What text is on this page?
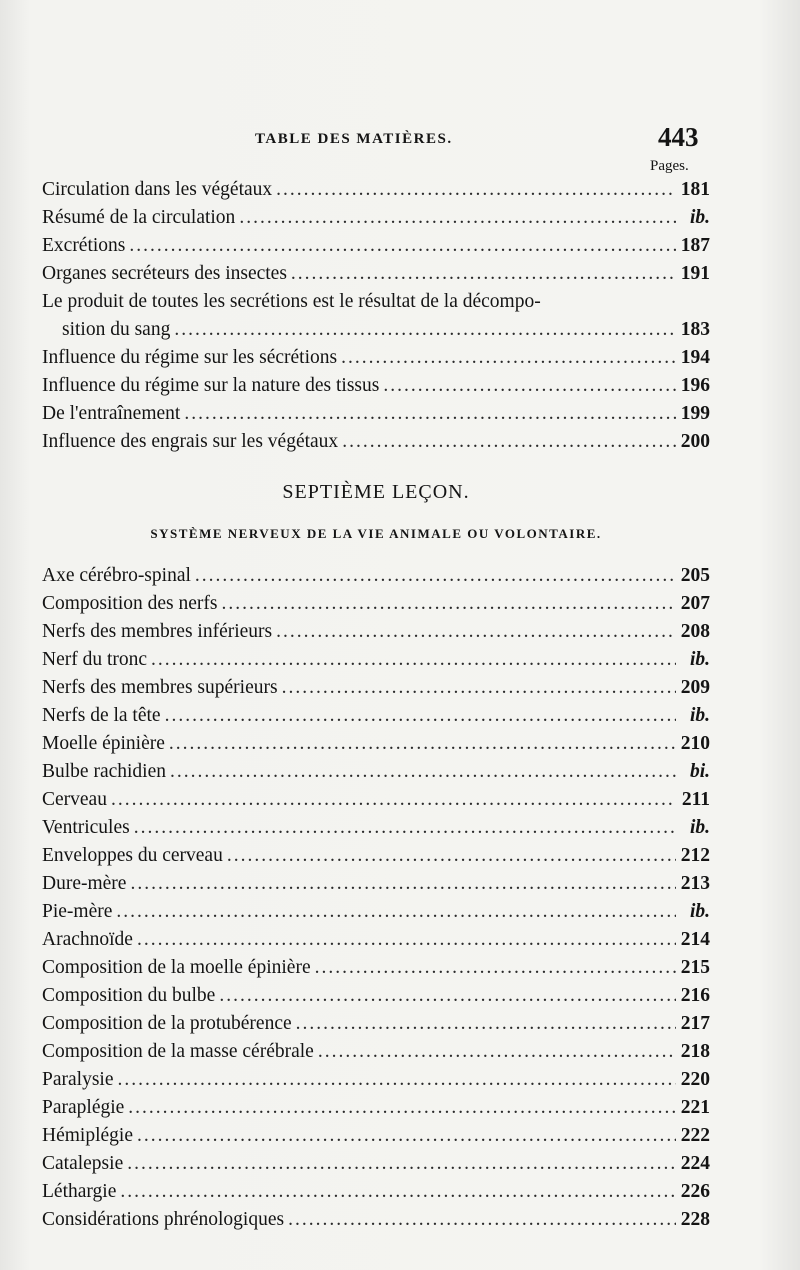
TABLE DES MATIÈRES.	443
Pages.
Circulation dans les végétaux .....	181
Résumé de la circulation .....	ib.
Excrétions .....	187
Organes secréteurs des insectes .....	191
Le produit de toutes les secrétions est le résultat de la décompo-
sition du sang .....	183
Influence du régime sur les sécrétions .....	194
Influence du régime sur la nature des tissus .....	196
De l'entraînement .....	199
Influence des engrais sur les végétaux .....	200
SEPTIÈME LEÇON.
SYSTÈME NERVEUX DE LA VIE ANIMALE OU VOLONTAIRE.
Axe cérébro-spinal .....	205
Composition des nerfs .....	207
Nerfs des membres inférieurs .....	208
Nerf du tronc .....	ib.
Nerfs des membres supérieurs .....	209
Nerfs de la tête .....	ib.
Moelle épinière .....	210
Bulbe rachidien .....	bi.
Cerveau .....	211
Ventricules .....	ib.
Enveloppes du cerveau .....	212
Dure-mère .....	213
Pie-mère .....	ib.
Arachnoïde .....	214
Composition de la moelle épinière .....	215
Composition du bulbe .....	216
Composition de la protubérence .....	217
Composition de la masse cérébrale .....	218
Paralysie .....	220
Paraplégie .....	221
Hémiplégie .....	222
Catalepsie .....	224
Léthargie .....	226
Considérations phrénologiques .....	228
